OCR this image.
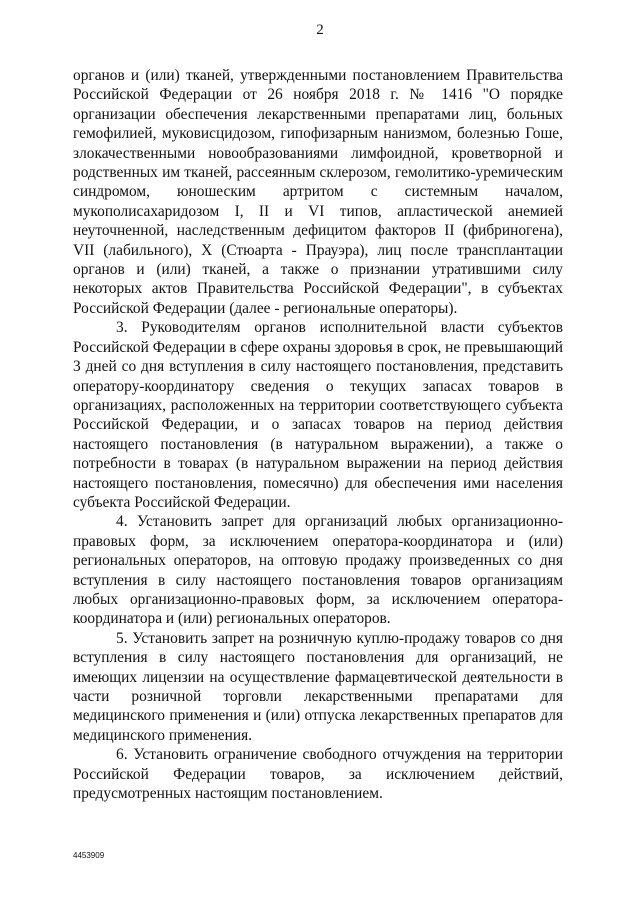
2

органов и (или) тканей, утвержденными постановлением Правительства Российской Федерации от 26 ноября 2018 г. № 1416 "О порядке организации обеспечения лекарственными препаратами лиц, больных гемофилией, муковисцидозом, гипофизарным нанизмом, болезнью Гоше, злокачественными новообразованиями лимфоидной, кроветворной и родственных им тканей, рассеянным склерозом, гемолитико-уремическим синдромом, юношеским артритом с системным началом, мукополисахаридозом I, II и VI типов, апластической анемией неуточненной, наследственным дефицитом факторов II (фибриногена), VII (лабильного), X (Стюарта - Прауэра), лиц после трансплантации органов и (или) тканей, а также о признании утратившими силу некоторых актов Правительства Российской Федерации", в субъектах Российской Федерации (далее - региональные операторы).

3. Руководителям органов исполнительной власти субъектов Российской Федерации в сфере охраны здоровья в срок, не превышающий 3 дней со дня вступления в силу настоящего постановления, представить оператору-координатору сведения о текущих запасах товаров в организациях, расположенных на территории соответствующего субъекта Российской Федерации, и о запасах товаров на период действия настоящего постановления (в натуральном выражении), а также о потребности в товарах (в натуральном выражении на период действия настоящего постановления, помесячно) для обеспечения ими населения субъекта Российской Федерации.

4. Установить запрет для организаций любых организационно-правовых форм, за исключением оператора-координатора и (или) региональных операторов, на оптовую продажу произведенных со дня вступления в силу настоящего постановления товаров организациям любых организационно-правовых форм, за исключением оператора-координатора и (или) региональных операторов.

5. Установить запрет на розничную куплю-продажу товаров со дня вступления в силу настоящего постановления для организаций, не имеющих лицензии на осуществление фармацевтической деятельности в части розничной торговли лекарственными препаратами для медицинского применения и (или) отпуска лекарственных препаратов для медицинского применения.

6. Установить ограничение свободного отчуждения на территории Российской Федерации товаров, за исключением действий, предусмотренных настоящим постановлением.

4453909
